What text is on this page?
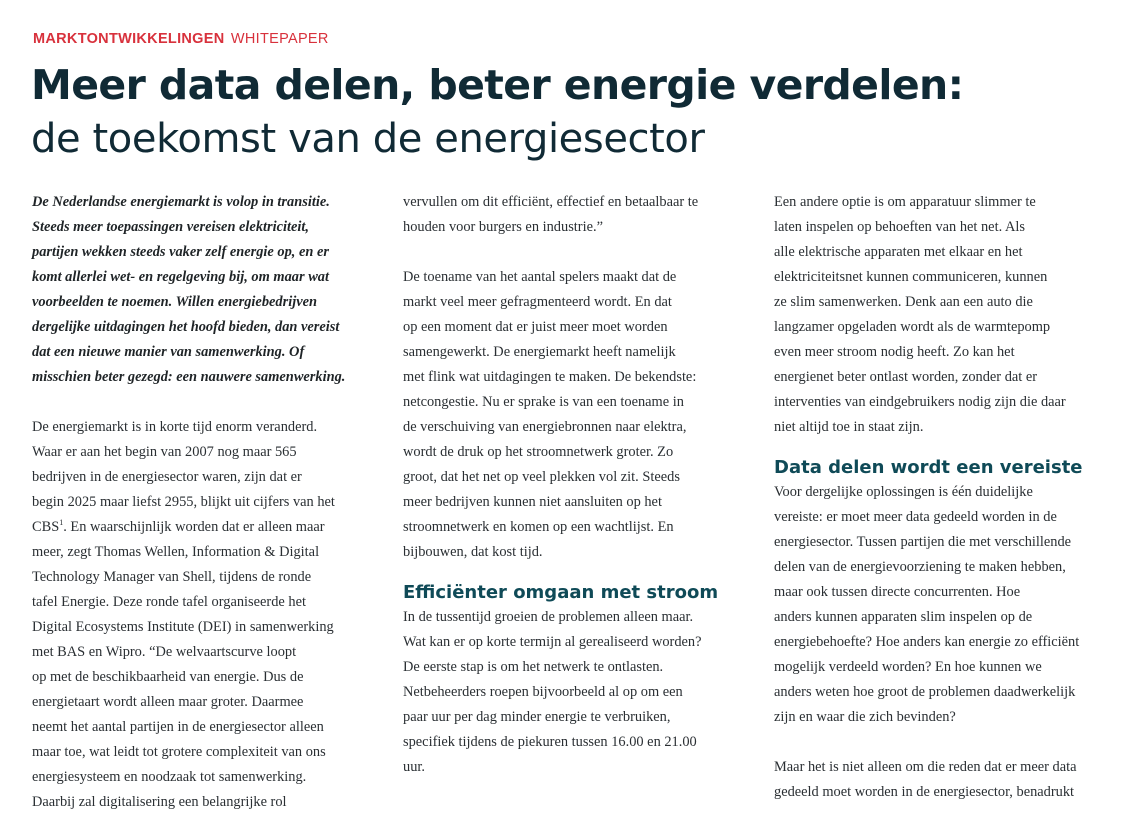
MARKTONTWIKKELINGEN WHITEPAPER
Meer data delen, beter energie verdelen:
de toekomst van de energiesector
De Nederlandse energiemarkt is volop in transitie.
Steeds meer toepassingen vereisen elektriciteit,
partijen wekken steeds vaker zelf energie op, en er
komt allerlei wet- en regelgeving bij, om maar wat
voorbeelden te noemen. Willen energiebedrijven
dergelijke uitdagingen het hoofd bieden, dan vereist
dat een nieuwe manier van samenwerking. Of
misschien beter gezegd: een nauwere samenwerking.
De energiemarkt is in korte tijd enorm veranderd.
Waar er aan het begin van 2007 nog maar 565
bedrijven in de energiesector waren, zijn dat er
begin 2025 maar liefst 2955, blijkt uit cijfers van het
CBS$^1$. En waarschijnlijk worden dat er alleen maar
meer, zegt Thomas Wellen, Information & Digital
Technology Manager van Shell, tijdens de ronde
tafel Energie. Deze ronde tafel organiseerde het
Digital Ecosystems Institute (DEI) in samenwerking
met BAS en Wipro. “De welvaartscurve loopt
op met de beschikbaarheid van energie. Dus de
energietaart wordt alleen maar groter. Daarmee
neemt het aantal partijen in de energiesector alleen
maar toe, wat leidt tot grotere complexiteit van ons
energiesysteem en noodzaak tot samenwerking.
Daarbij zal digitalisering een belangrijke rol
vervullen om dit efficiënt, effectief en betaalbaar te
houden voor burgers en industrie.”
De toename van het aantal spelers maakt dat de
markt veel meer gefragmenteerd wordt. En dat
op een moment dat er juist meer moet worden
samengewerkt. De energiemarkt heeft namelijk
met flink wat uitdagingen te maken. De bekendste:
netcongestie. Nu er sprake is van een toename in
de verschuiving van energiebronnen naar elektra,
wordt de druk op het stroomnetwerk groter. Zo
groot, dat het net op veel plekken vol zit. Steeds
meer bedrijven kunnen niet aansluiten op het
stroomnetwerk en komen op een wachtlijst. En
bijbouwen, dat kost tijd.
Efficiënter omgaan met stroom
In de tussentijd groeien de problemen alleen maar.
Wat kan er op korte termijn al gerealiseerd worden?
De eerste stap is om het netwerk te ontlasten.
Netbeheerders roepen bijvoorbeeld al op om een
paar uur per dag minder energie te verbruiken,
specifiek tijdens de piekuren tussen 16.00 en 21.00
uur.
Een andere optie is om apparatuur slimmer te
laten inspelen op behoeften van het net. Als
alle elektrische apparaten met elkaar en het
elektriciteitsnet kunnen communiceren, kunnen
ze slim samenwerken. Denk aan een auto die
langzamer opgeladen wordt als de warmtepomp
even meer stroom nodig heeft. Zo kan het
energienet beter ontlast worden, zonder dat er
interventies van eindgebruikers nodig zijn die daar
niet altijd toe in staat zijn.
Data delen wordt een vereiste
Voor dergelijke oplossingen is één duidelijke
vereiste: er moet meer data gedeeld worden in de
energiesector. Tussen partijen die met verschillende
delen van de energievoorziening te maken hebben,
maar ook tussen directe concurrenten. Hoe
anders kunnen apparaten slim inspelen op de
energiebehoefte? Hoe anders kan energie zo efficiënt
mogelijk verdeeld worden? En hoe kunnen we
anders weten hoe groot de problemen daadwerkelijk
zijn en waar die zich bevinden?
Maar het is niet alleen om die reden dat er meer data
gedeeld moet worden in de energiesector, benadrukt
